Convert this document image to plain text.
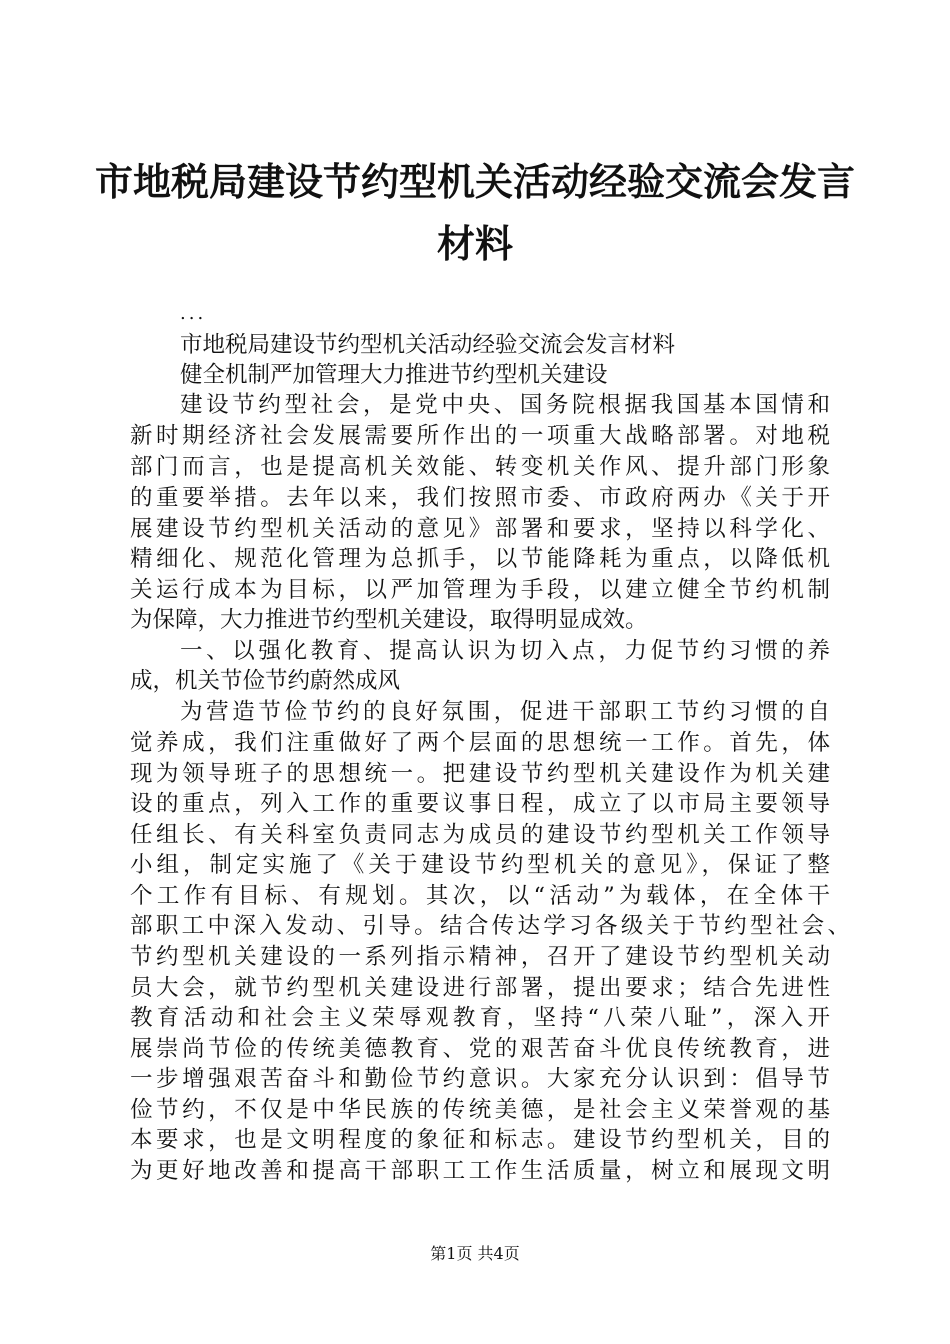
市地税局建设节约型机关活动经验交流会发言
材料
...
市地税局建设节约型机关活动经验交流会发言材料
健全机制严加管理大力推进节约型机关建设
建设节约型社会，是党中央、国务院根据我国基本国情和
新时期经济社会发展需要所作出的一项重大战略部署。对地税
部门而言，也是提高机关效能、转变机关作风、提升部门形象
的重要举措。去年以来，我们按照市委、市政府两办《关于开
展建设节约型机关活动的意见》部署和要求，坚持以科学化、
精细化、规范化管理为总抓手，以节能降耗为重点，以降低机
关运行成本为目标，以严加管理为手段，以建立健全节约机制
为保障，大力推进节约型机关建设，取得明显成效。
一、以强化教育、提高认识为切入点，力促节约习惯的养
成，机关节俭节约蔚然成风
为营造节俭节约的良好氛围，促进干部职工节约习惯的自
觉养成，我们注重做好了两个层面的思想统一工作。首先，体
现为领导班子的思想统一。把建设节约型机关建设作为机关建
设的重点，列入工作的重要议事日程，成立了以市局主要领导
任组长、有关科室负责同志为成员的建设节约型机关工作领导
小组，制定实施了《关于建设节约型机关的意见》，保证了整
个工作有目标、有规划。其次，以“活动”为载体，在全体干
部职工中深入发动、引导。结合传达学习各级关于节约型社会、
节约型机关建设的一系列指示精神，召开了建设节约型机关动
员大会，就节约型机关建设进行部署，提出要求；结合先进性
教育活动和社会主义荣辱观教育，坚持“八荣八耻”，深入开
展崇尚节俭的传统美德教育、党的艰苦奋斗优良传统教育，进
一步增强艰苦奋斗和勤俭节约意识。大家充分认识到：倡导节
俭节约，不仅是中华民族的传统美德，是社会主义荣誉观的基
本要求，也是文明程度的象征和标志。建设节约型机关，目的
为更好地改善和提高干部职工工作生活质量，树立和展现文明
第1页 共4页
